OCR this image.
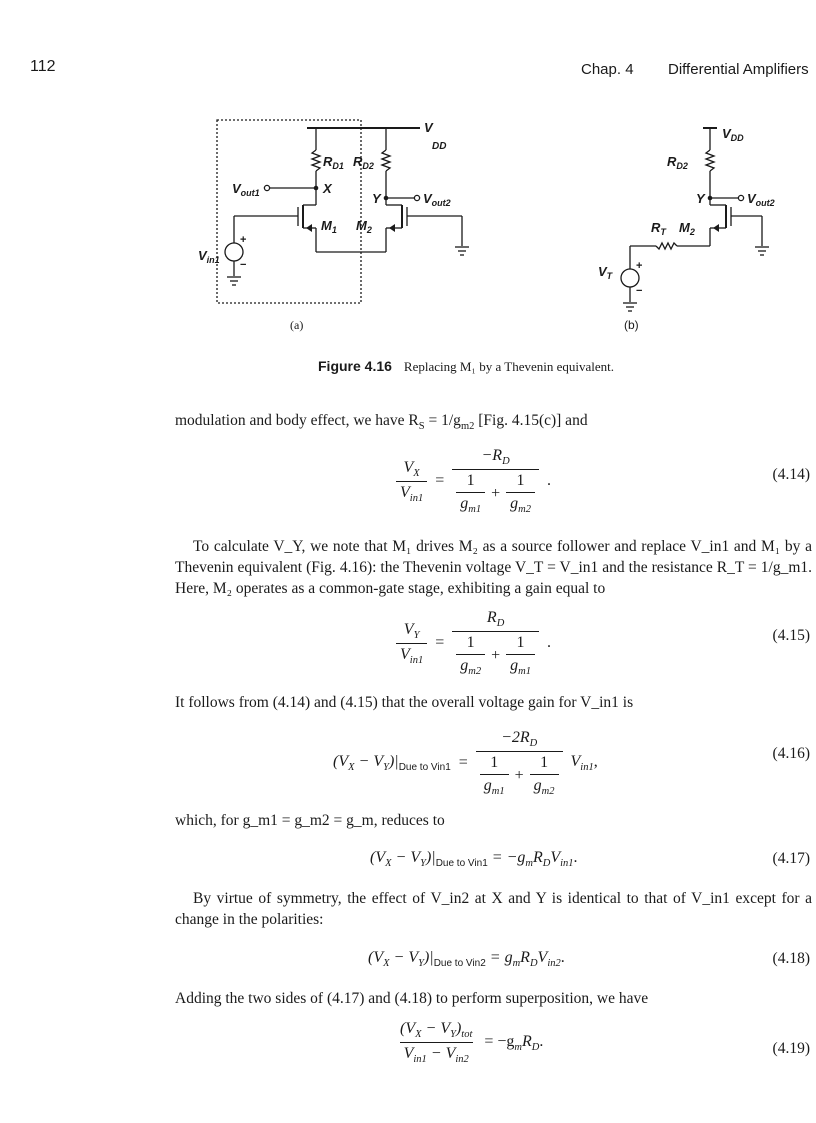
112	Chap. 4 Differential Amplifiers
V
DD
$R_{D1}$ $R_{D2}$
$V_{out1}$	X
Y	$V_{out2}$
$M_1$ $M_2$
$V_{in1}$
+
−
$V_{DD}$
$R_{D2}$
Y	$V_{out2}$
$R_T$ $M_2$
$V_T$
+
−
(a)	(b)
Figure 4.16 Replacing M₁ by a Thevenin equivalent.
modulation and body effect, we have $R_S = 1/g_{m2}$ [Fig. 4.15(c)] and
$\frac{V_X}{V_{in1}} = \frac{-R_D}{\frac{1}{g_{m1}} + \frac{1}{g_{m2}}}$ .	(4.14)
To calculate V_Y, we note that M₁ drives M₂ as a source follower and replace V_in1 and M₁ by a Thevenin equivalent (Fig. 4.16): the Thevenin voltage V_T = V_in1 and the resistance R_T = 1/g_m1. Here, M₂ operates as a common-gate stage, exhibiting a gain equal to
$\frac{V_Y}{V_{in1}} = \frac{R_D}{\frac{1}{g_{m2}} + \frac{1}{g_{m1}}}$ .	(4.15)
It follows from (4.14) and (4.15) that the overall voltage gain for V_in1 is
$(V_X - V_Y)|_{Due to Vin1} = \frac{-2R_D}{\frac{1}{g_{m1}} + \frac{1}{g_{m2}}} V_{in1}$,	(4.16)
which, for g_m1 = g_m2 = g_m, reduces to
$(V_X - V_Y)|_{Due to Vin1} = -g_mR_DV_{in1}$.	(4.17)
By virtue of symmetry, the effect of V_in2 at X and Y is identical to that of V_in1 except for a change in the polarities:
$(V_X - V_Y)|_{Due to Vin2} = g_mR_DV_{in2}$.	(4.18)
Adding the two sides of (4.17) and (4.18) to perform superposition, we have
$\frac{(V_X - V_Y)_{tot}}{V_{in1} - V_{in2}} = -g_mR_D$.	(4.19)
